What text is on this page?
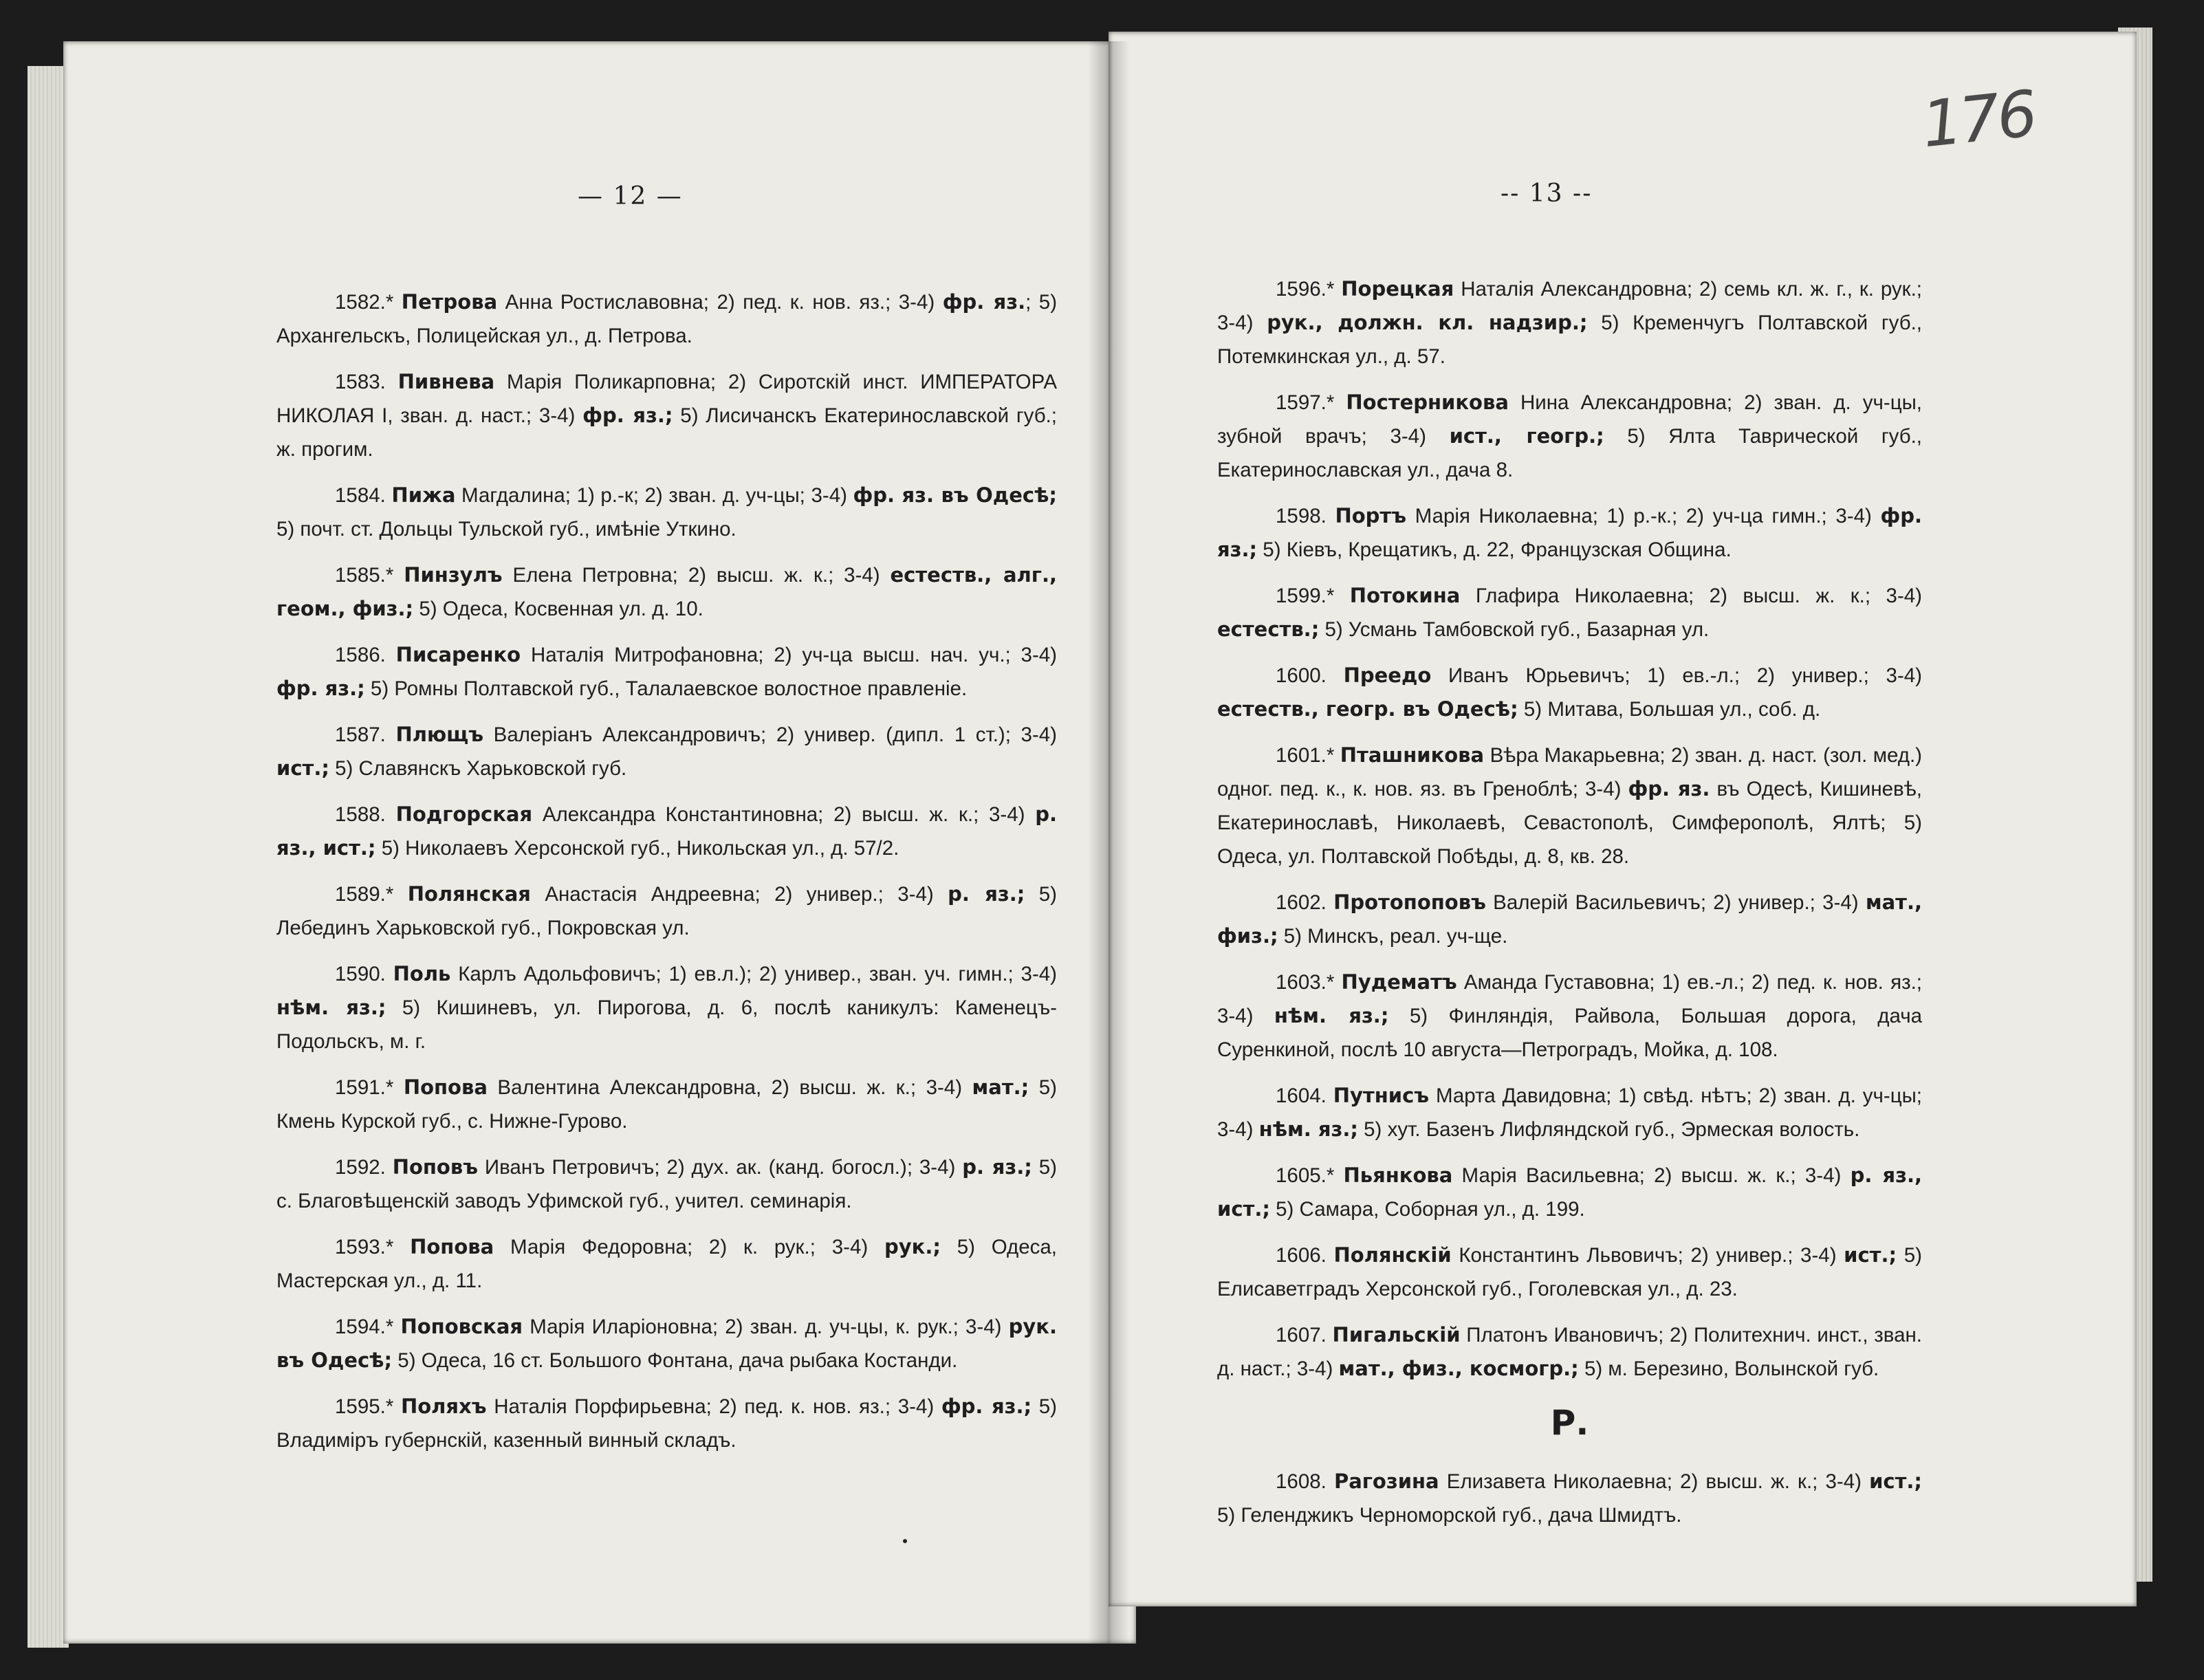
— 12 —

1582.* Петрова Анна Ростиславовна; 2) пед. к. нов. яз.; 3-4) фр. яз.; 5) Архангельскъ, Полицейская ул., д. Петрова.

1583. Пивнева Марія Поликарповна; 2) Сиротскій инст. ИМПЕРАТОРА НИКОЛАЯ I, зван. д. наст.; 3-4) фр. яз.; 5) Лисичанскъ Екатеринославской губ.; ж. прогим.

1584. Пижа Магдалина; 1) р.-к; 2) зван. д. уч-цы; 3-4) фр. яз. въ Одесѣ; 5) почт. ст. Дольцы Тульской губ., имѣніе Уткино.

1585.* Пинзулъ Елена Петровна; 2) высш. ж. к.; 3-4) естеств., алг., геом., физ.; 5) Одеса, Косвенная ул. д. 10.

1586. Писаренко Наталія Митрофановна; 2) уч-ца высш. нач. уч.; 3-4) фр. яз.; 5) Ромны Полтавской губ., Талалаевское волостное правленіе.

1587. Плющъ Валеріанъ Александровичъ; 2) универ. (дипл. 1 ст.); 3-4) ист.; 5) Славянскъ Харьковской губ.

1588. Подгорская Александра Константиновна; 2) высш. ж. к.; 3-4) р. яз., ист.; 5) Николаевъ Херсонской губ., Никольская ул., д. 57/2.

1589.* Полянская Анастасія Андреевна; 2) универ.; 3-4) р. яз.; 5) Лебединъ Харьковской губ., Покровская ул.

1590. Поль Карлъ Адольфовичъ; 1) ев.л.); 2) универ., зван. уч. гимн.; 3-4) нѣм. яз.; 5) Кишиневъ, ул. Пирогова, д. 6, послѣ каникулъ: Каменецъ-Подольскъ, м. г.

1591.* Попова Валентина Александровна, 2) высш. ж. к.; 3-4) мат.; 5) Кмень Курской губ., с. Нижне-Гурово.

1592. Поповъ Иванъ Петровичъ; 2) дух. ак. (канд. богосл.); 3-4) р. яз.; 5) с. Благовѣщенскій заводъ Уфимской губ., учител. семинарія.

1593.* Попова Марія Федоровна; 2) к. рук.; 3-4) рук.; 5) Одеса, Мастерская ул., д. 11.

1594.* Поповская Марія Иларіоновна; 2) зван. д. уч-цы, к. рук.; 3-4) рук. въ Одесѣ; 5) Одеса, 16 ст. Большого Фонтана, дача рыбака Костанди.

1595.* Поляхъ Наталія Порфирьевна; 2) пед. к. нов. яз.; 3-4) фр. яз.; 5) Владиміръ губернскій, казенный винный складъ.

-- 13 --

1596.* Порецкая Наталія Александровна; 2) семь кл. ж. г., к. рук.; 3-4) рук., должн. кл. надзир.; 5) Кременчугъ Полтавской губ., Потемкинская ул., д. 57.

1597.* Постерникова Нина Александровна; 2) зван. д. уч-цы, зубной врачъ; 3-4) ист., геогр.; 5) Ялта Таврической губ., Екатеринославская ул., дача 8.

1598. Портъ Марія Николаевна; 1) р.-к.; 2) уч-ца гимн.; 3-4) фр. яз.; 5) Кіевъ, Крещатикъ, д. 22, Французская Община.

1599.* Потокина Глафира Николаевна; 2) высш. ж. к.; 3-4) естеств.; 5) Усмань Тамбовской губ., Базарная ул.

1600. Преедо Иванъ Юрьевичъ; 1) ев.-л.; 2) универ.; 3-4) естеств., геогр. въ Одесѣ; 5) Митава, Большая ул., соб. д.

1601.* Пташникова Вѣра Макарьевна; 2) зван. д. наст. (зол. мед.) одног. пед. к., к. нов. яз. въ Греноблѣ; 3-4) фр. яз. въ Одесѣ, Кишиневѣ, Екатеринославѣ, Николаевѣ, Севастополѣ, Симферополѣ, Ялтѣ; 5) Одеса, ул. Полтавской Побѣды, д. 8, кв. 28.

1602. Протопоповъ Валерій Васильевичъ; 2) универ.; 3-4) мат., физ.; 5) Минскъ, реал. уч-ще.

1603.* Пудематъ Аманда Густавовна; 1) ев.-л.; 2) пед. к. нов. яз.; 3-4) нѣм. яз.; 5) Финляндія, Райвола, Большая дорога, дача Суренкиной, послѣ 10 августа—Петроградъ, Мойка, д. 108.

1604. Путнисъ Марта Давидовна; 1) свѣд. нѣтъ; 2) зван. д. уч-цы; 3-4) нѣм. яз.; 5) хут. Базенъ Лифляндской губ., Эрмеская волость.

1605.* Пьянкова Марія Васильевна; 2) высш. ж. к.; 3-4) р. яз., ист.; 5) Самара, Соборная ул., д. 199.

1606. Полянскій Константинъ Львовичъ; 2) универ.; 3-4) ист.; 5) Елисаветградъ Херсонской губ., Гоголевская ул., д. 23.

1607. Пигальскій Платонъ Ивановичъ; 2) Политехнич. инст., зван. д. наст.; 3-4) мат., физ., космогр.; 5) м. Березино, Волынской губ.

Р.

1608. Рагозина Елизавета Николаевна; 2) высш. ж. к.; 3-4) ист.; 5) Геленджикъ Черноморской губ., дача Шмидтъ.

176
